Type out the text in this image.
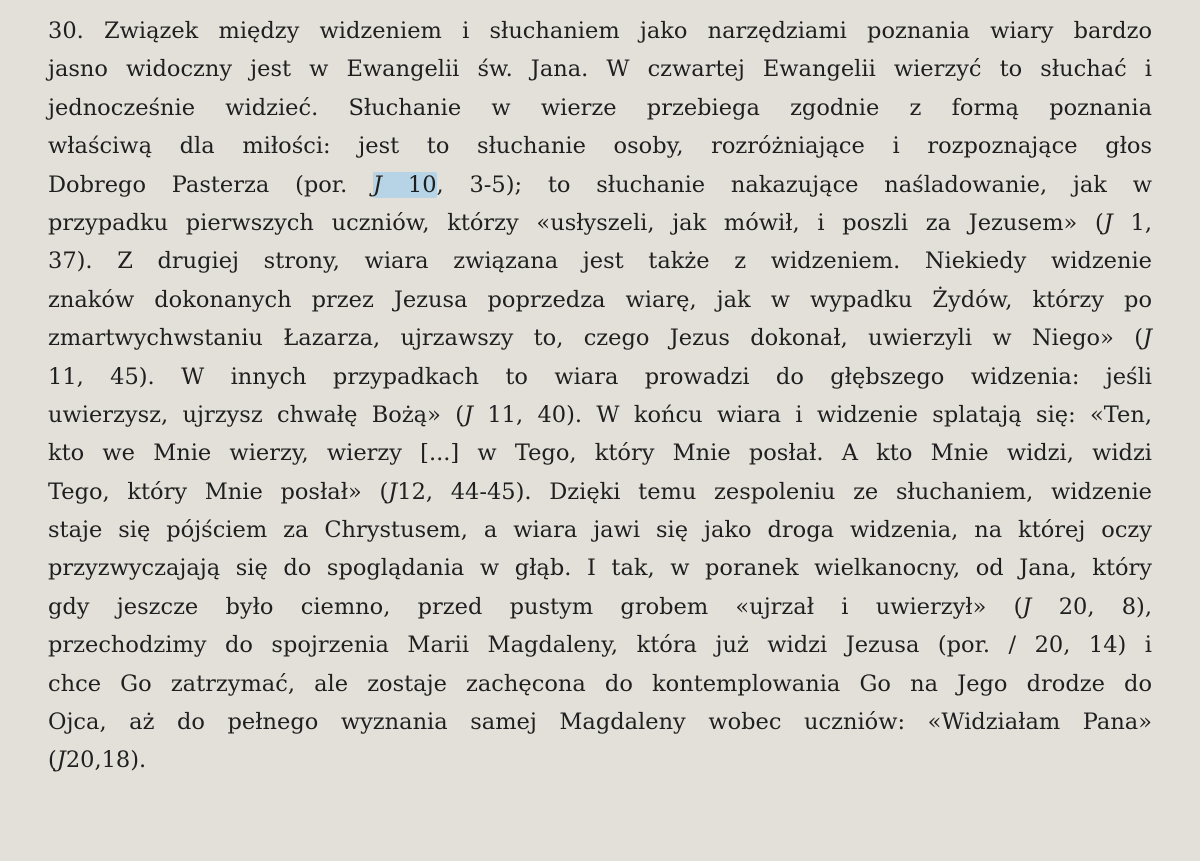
30. Związek między widzeniem i słuchaniem jako narzędziami poznania wiary bardzo
jasno widoczny jest w Ewangelii św. Jana. W czwartej Ewangelii wierzyć to słuchać i
jednocześnie widzieć. Słuchanie w wierze przebiega zgodnie z formą poznania
właściwą dla miłości: jest to słuchanie osoby, rozróżniające i rozpoznające głos
Dobrego Pasterza (por. J 10, 3-5); to słuchanie nakazujące naśladowanie, jak w
przypadku pierwszych uczniów, którzy «usłyszeli, jak mówił, i poszli za Jezusem» (J 1,
37). Z drugiej strony, wiara związana jest także z widzeniem. Niekiedy widzenie
znaków dokonanych przez Jezusa poprzedza wiarę, jak w wypadku Żydów, którzy po
zmartwychwstaniu Łazarza, ujrzawszy to, czego Jezus dokonał, uwierzyli w Niego» (J
11, 45). W innych przypadkach to wiara prowadzi do głębszego widzenia: jeśli
uwierzysz, ujrzysz chwałę Bożą» (J 11, 40). W końcu wiara i widzenie splatają się: «Ten,
kto we Mnie wierzy, wierzy [...] w Tego, który Mnie posłał. A kto Mnie widzi, widzi
Tego, który Mnie posłał» (J12, 44-45). Dzięki temu zespoleniu ze słuchaniem, widzenie
staje się pójściem za Chrystusem, a wiara jawi się jako droga widzenia, na której oczy
przyzwyczajają się do spoglądania w głąb. I tak, w poranek wielkanocny, od Jana, który
gdy jeszcze było ciemno, przed pustym grobem «ujrzał i uwierzył» (J 20, 8),
przechodzimy do spojrzenia Marii Magdaleny, która już widzi Jezusa (por. / 20, 14) i
chce Go zatrzymać, ale zostaje zachęcona do kontemplowania Go na Jego drodze do
Ojca, aż do pełnego wyznania samej Magdaleny wobec uczniów: «Widziałam Pana»
(J20,18).
